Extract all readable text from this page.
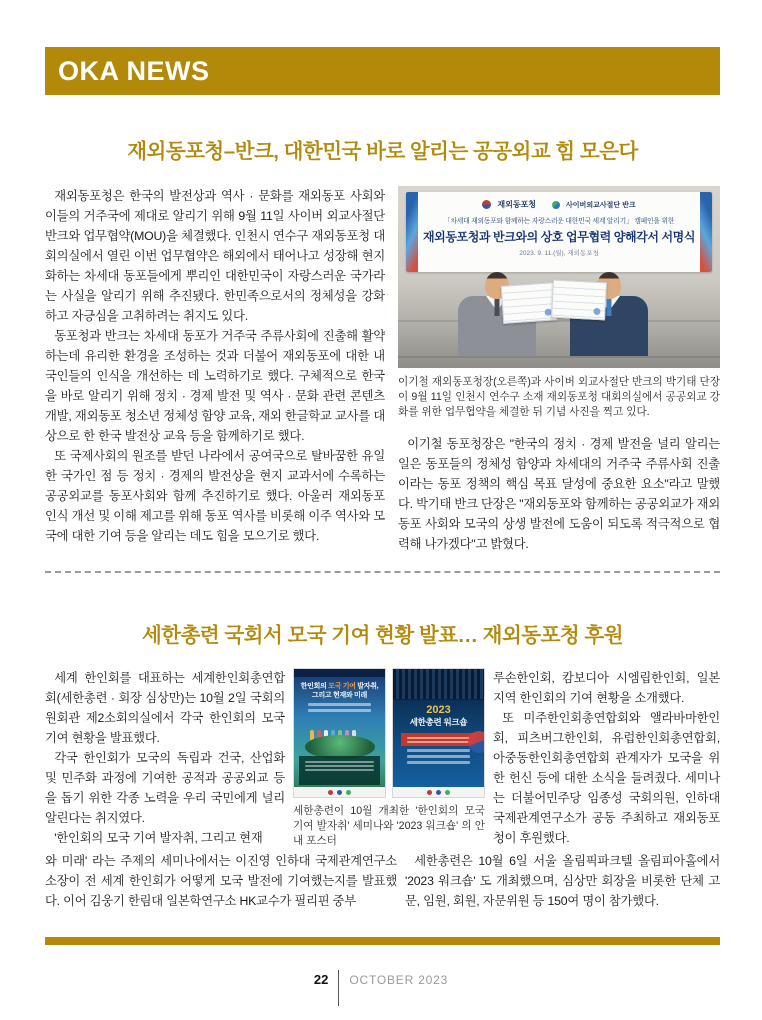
OKA NEWS
재외동포청–반크, 대한민국 바로 알리는 공공외교 힘 모은다

재외동포청은 한국의 발전상과 역사 · 문화를 재외동포 사회와 이들의 거주국에 제대로 알리기 위해 9월 11일 사이버 외교사절단 반크와 업무협약(MOU)을 체결했다. 인천시 연수구 재외동포청 대회의실에서 열린 이번 업무협약은 해외에서 태어나고 성장해 현지화하는 차세대 동포들에게 뿌리인 대한민국이 자랑스러운 국가라는 사실을 알리기 위해 추진됐다. 한민족으로서의 정체성을 강화하고 자긍심을 고취하려는 취지도 있다.

동포청과 반크는 차세대 동포가 거주국 주류사회에 진출해 활약하는데 유리한 환경을 조성하는 것과 더불어 재외동포에 대한 내국인들의 인식을 개선하는 데 노력하기로 했다. 구체적으로 한국을 바로 알리기 위해 정치 · 경제 발전 및 역사 · 문화 관련 콘텐츠 개발, 재외동포 청소년 정체성 함양 교육, 재외 한글학교 교사를 대상으로 한 한국 발전상 교육 등을 함께하기로 했다.

또 국제사회의 원조를 받던 나라에서 공여국으로 탈바꿈한 유일한 국가인 점 등 정치 · 경제의 발전상을 현지 교과서에 수록하는 공공외교를 동포사회와 함께 추진하기로 했다. 아울러 재외동포 인식 개선 및 이해 제고를 위해 동포 역사를 비롯해 이주 역사와 모국에 대한 기여 등을 알리는 데도 힘을 모으기로 했다.

재외동포청	사이버외교사절단 반크
「차세대 재외동포와 함께하는 자랑스러운 대한민국 세계 알리기」 캠페인을 위한
재외동포청과 반크와의 상호 업무협력 양해각서 서명식
2023. 9. 11.(월), 재외동포청

이기철 재외동포청장(오른쪽)과 사이버 외교사절단 반크의 박기태 단장이 9월 11일 인천시 연수구 소재 재외동포청 대회의실에서 공공외교 강화를 위한 업무협약을 체결한 뒤 기념 사진을 찍고 있다.

이기철 동포청장은 "한국의 정치 · 경제 발전을 널리 알리는 일은 동포들의 정체성 함양과 차세대의 거주국 주류사회 진출이라는 동포 정책의 핵심 목표 달성에 중요한 요소"라고 말했다. 박기태 반크 단장은 "재외동포와 함께하는 공공외교가 재외동포 사회와 모국의 상생 발전에 도움이 되도록 적극적으로 협력해 나가겠다"고 밝혔다.

세한총련 국회서 모국 기여 현황 발표… 재외동포청 후원

세계 한인회를 대표하는 세계한인회총연합회(세한총련 · 회장 심상만)는 10월 2일 국회의원회관 제2소회의실에서 각국 한인회의 모국 기여 현황을 발표했다.

각국 한인회가 모국의 독립과 건국, 산업화 및 민주화 과정에 기여한 공적과 공공외교 등을 돕기 위한 각종 노력을 우리 국민에게 널리 알린다는 취지였다.

'한인회의 모국 기여 발자취, 그리고 현재

한인회의 모국 기여 발자취,
그리고 현재와 미래
2023
세한총련 워크숍

세한총련이 10월 개최한 '한인회의 모국 기여 발자취' 세미나와 '2023 워크숍' 의 안내 포스터

루손한인회, 캄보디아 시엠립한인회, 일본 지역 한인회의 기여 현황을 소개했다.

또 미주한인회총연합회와 앨라바마한인회, 피츠버그한인회, 유럽한인회총연합회, 아중동한인회총연합회 관계자가 모국을 위한 헌신 등에 대한 소식을 들려줬다. 세미나는 더불어민주당 임종성 국회의원, 인하대 국제관계연구소가 공동 주최하고 재외동포청이 후원했다.

와 미래' 라는 주제의 세미나에서는 이진영 인하대 국제관계연구소 소장이 전 세계 한인회가 어떻게 모국 발전에 기여했는지를 발표했다. 이어 김웅기 한림대 일본학연구소 HK교수가 필리핀 중부

세한총련은 10월 6일 서울 올림픽파크텔 올림피아홀에서 '2023 워크숍' 도 개최했으며, 심상만 회장을 비롯한 단체 고문, 임원, 회원, 자문위원 등 150여 명이 참가했다.

22 OCTOBER 2023
